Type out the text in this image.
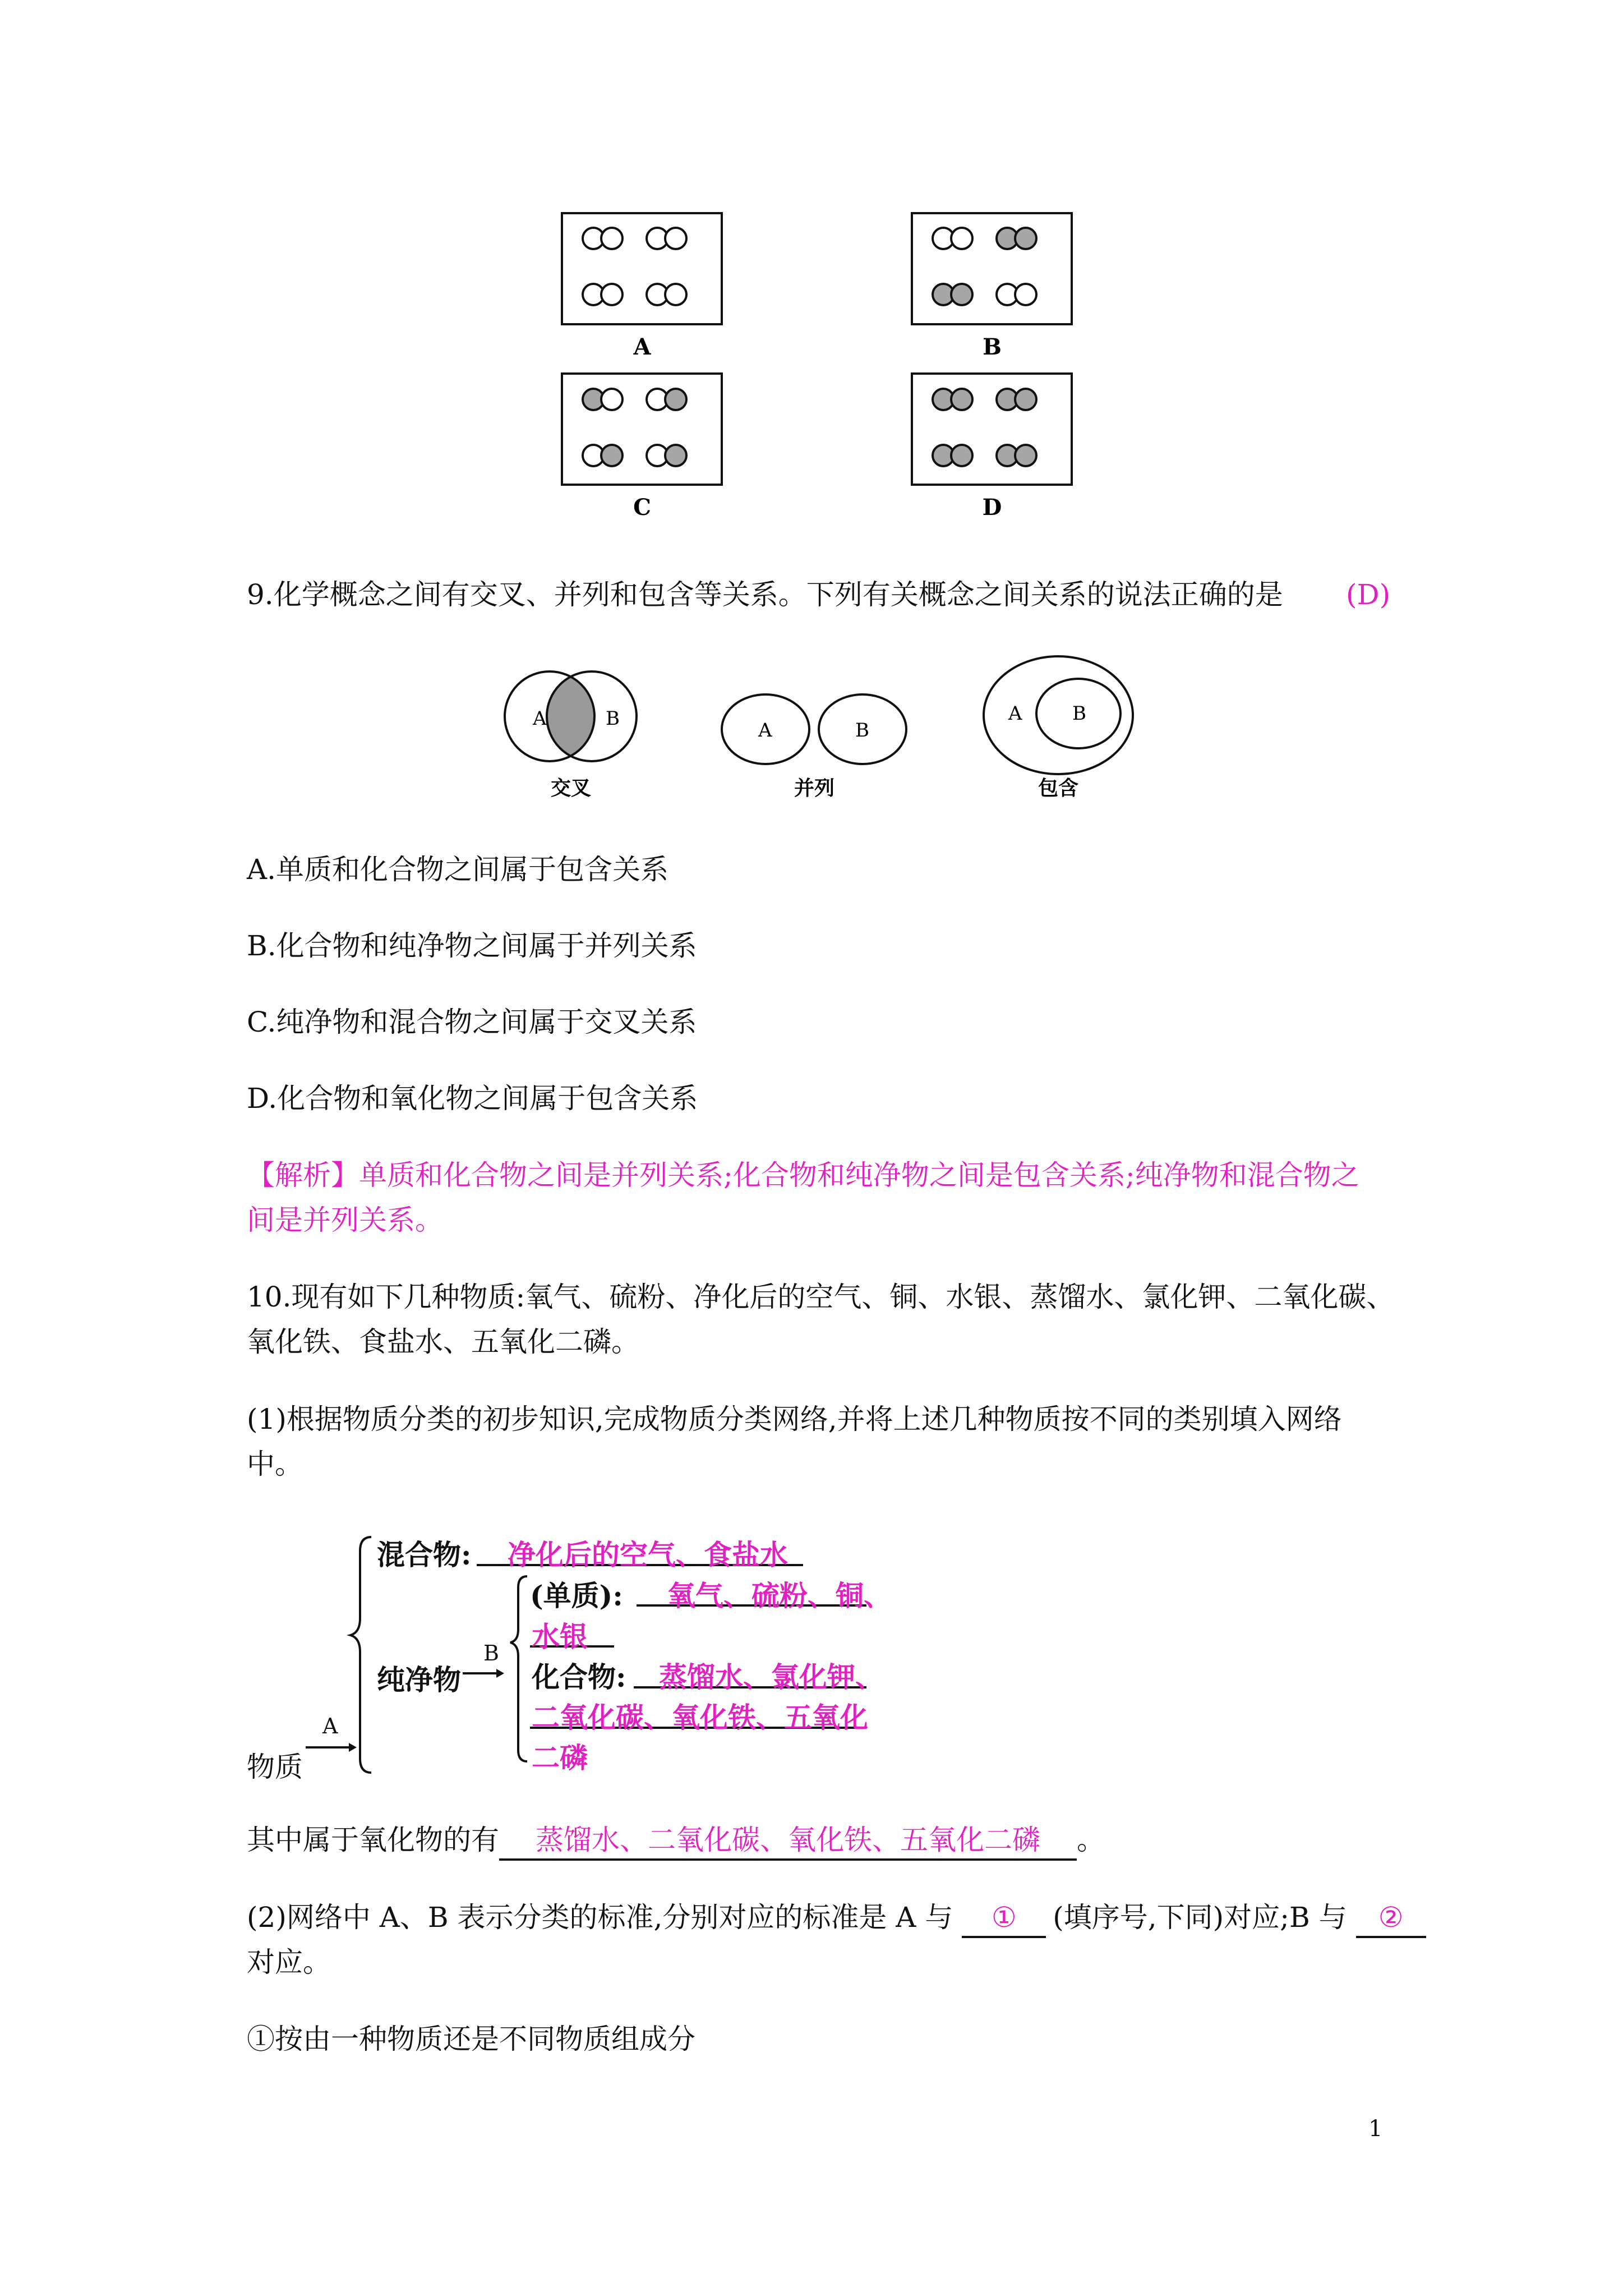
A	B
C	D
9.化学概念之间有交叉、并列和包含等关系。下列有关概念之间关系的说法正确的是 (D)
A	B
交叉
A	B
并列
A	B
包含
A.单质和化合物之间属于包含关系
B.化合物和纯净物之间属于并列关系
C.纯净物和混合物之间属于交叉关系
D.化合物和氧化物之间属于包含关系
【解析】单质和化合物之间是并列关系;化合物和纯净物之间是包含关系;纯净物和混合物之
间是并列关系。
10.现有如下几种物质:氧气、硫粉、净化后的空气、铜、水银、蒸馏水、氯化钾、二氧化碳、
氧化铁、食盐水、五氧化二磷。
(1)根据物质分类的初步知识,完成物质分类网络,并将上述几种物质按不同的类别填入网络
中。
A
B
物质
混合物: 净化后的空气、食盐水
纯净物
(单质): 氧气、硫粉、铜、
水银
化合物: 蒸馏水、氯化钾、
二氧化碳、氧化铁、五氧化
二磷
其中属于氧化物的有 蒸馏水、二氧化碳、氧化铁、五氧化二磷 。
(2)网络中 A、B 表示分类的标准,分别对应的标准是 A 与 ① (填序号,下同)对应;B 与 ②
对应。
①按由一种物质还是不同物质组成分
1
